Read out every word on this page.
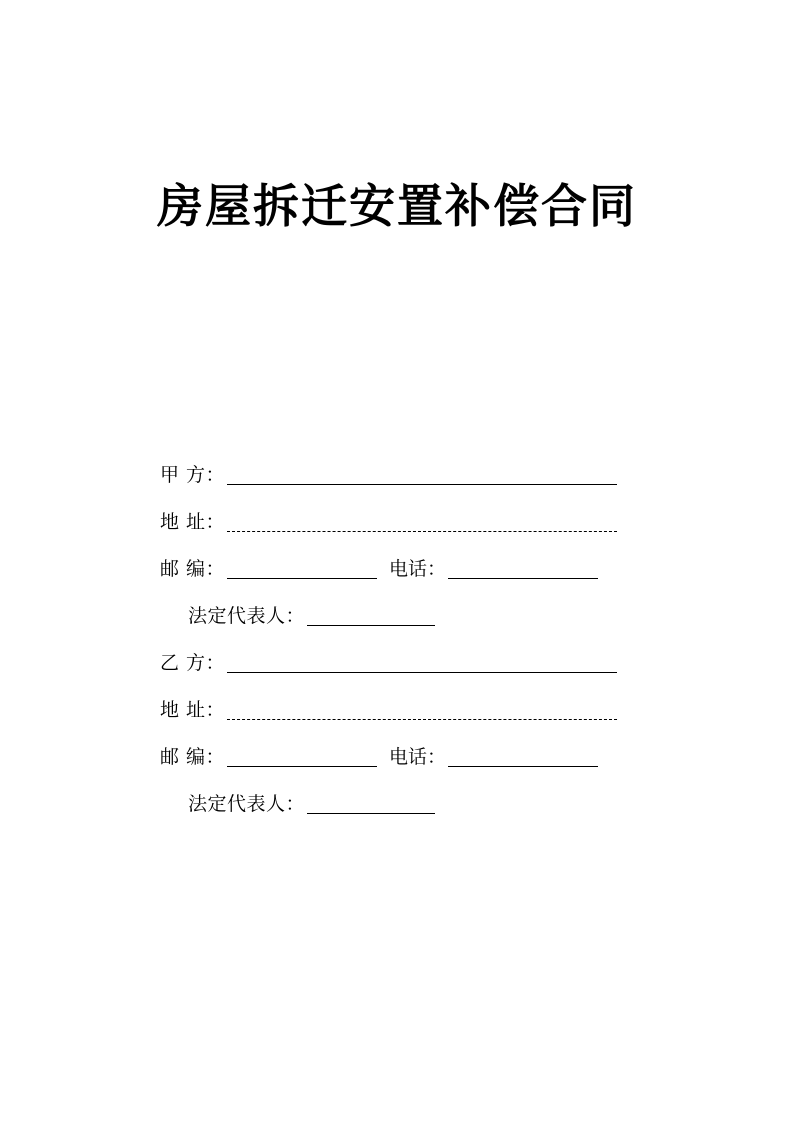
房屋拆迁安置补偿合同
甲 方：
地 址：
邮 编：	电话：
法定代表人：
乙 方：
地 址：
邮 编：	电话：
法定代表人：
